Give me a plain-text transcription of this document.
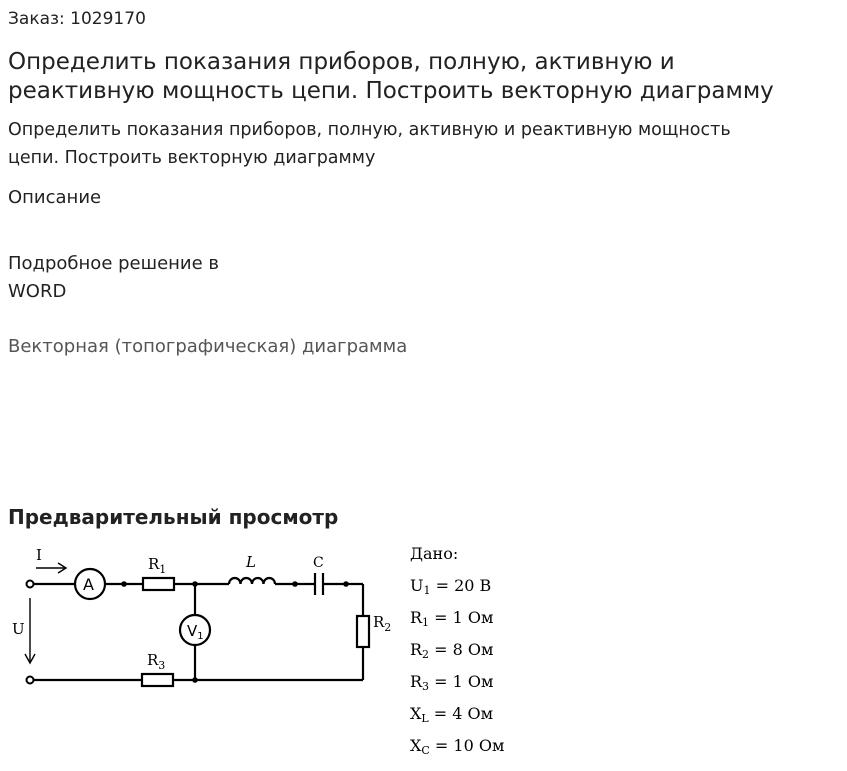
Заказ: 1029170
Определить показания приборов, полную, активную и
реактивную мощность цепи. Построить векторную диаграмму
Определить показания приборов, полную, активную и реактивную мощность
цепи. Построить векторную диаграмму
Описание
Подробное решение в
WORD
Векторная (топографическая) диаграмма
Предварительный просмотр
I
U
A
$R_1$	L	C
$R_2$
$V_1$
$R_3$
Дано:
$U_1 = 20$ В
$R_1 = 1$ Ом
$R_2 = 8$ Ом
$R_3 = 1$ Ом
$X_L = 4$ Ом
$X_C = 10$ Ом
